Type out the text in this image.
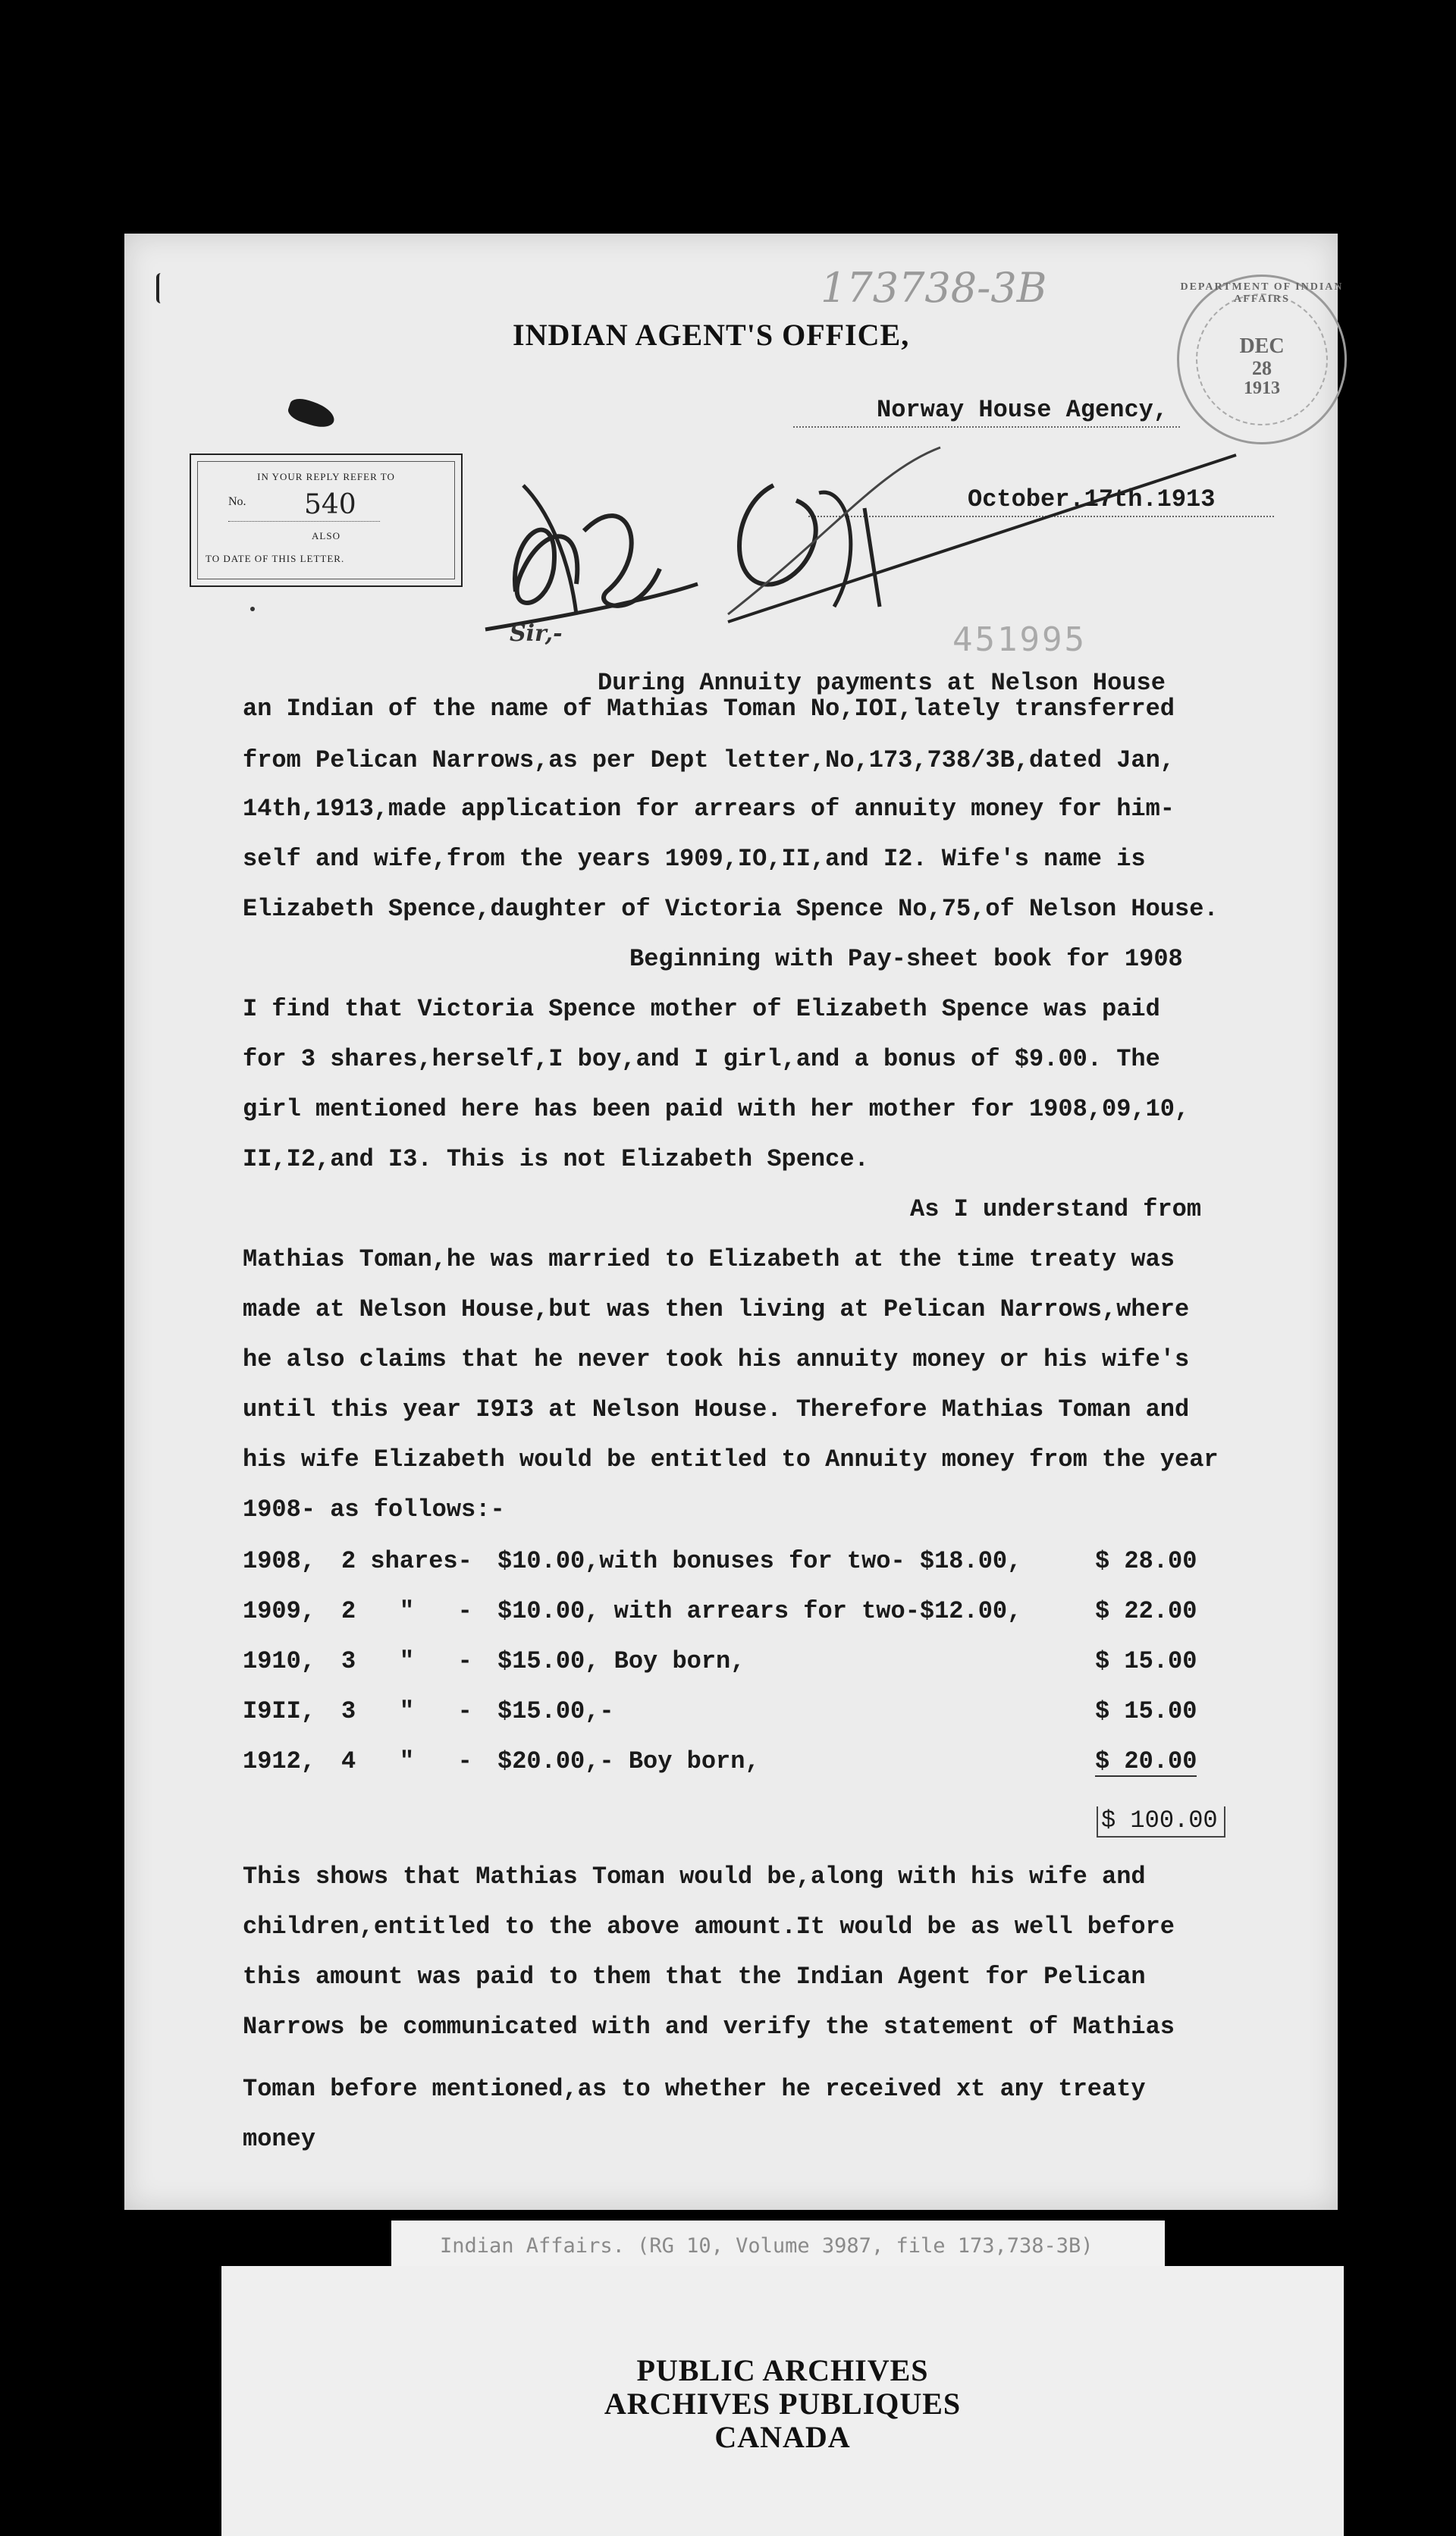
173738-3B
INDIAN AGENT'S OFFICE,
DEPARTMENT OF INDIAN AFFAIRS
DEC
28
1913
Norway House Agency,
October.17th.1913
IN YOUR REPLY REFER TO
No. 540
ALSO
TO DATE OF THIS LETTER.
Sir,-	451995
During Annuity payments at Nelson House
an Indian of the name of Mathias Toman No,IOI,lately transferred
from Pelican Narrows,as per Dept letter,No,173,738/3B,dated Jan,
14th,1913,made application for arrears of annuity money for him-
self and wife,from the years 1909,IO,II,and I2. Wife's name is
Elizabeth Spence,daughter of Victoria Spence No,75,of Nelson House.
Beginning with Pay-sheet book for 1908
I find that Victoria Spence mother of Elizabeth Spence was paid
for 3 shares,herself,I boy,and I girl,and a bonus of $9.00. The
girl mentioned here has been paid with her mother for 1908,09,10,
II,I2,and I3. This is not Elizabeth Spence.
As I understand from
Mathias Toman,he was married to Elizabeth at the time treaty was
made at Nelson House,but was then living at Pelican Narrows,where
he also claims that he never took his annuity money or his wife's
until this year I9I3 at Nelson House. Therefore Mathias Toman and
his wife Elizabeth would be entitled to Annuity money from the year
1908- as follows:-
1908, 2 shares- $10.00,with bonuses for two- $18.00,	$ 28.00
1909, 2   "   - $10.00, with arrears for two-$12.00,	$ 22.00
1910, 3   "   - $15.00, Boy born,	$ 15.00
I9II, 3   "   - $15.00,-	$ 15.00
1912, 4   "   - $20.00,- Boy born,	$ 20.00
$ 100.00
This shows that Mathias Toman would be,along with his wife and
children,entitled to the above amount.It would be as well before
this amount was paid to them that the Indian Agent for Pelican
Narrows be communicated with and verify the statement of Mathias
Toman before mentioned,as to whether he received xt any treaty
money
Indian Affairs. (RG 10, Volume 3987, file 173,738-3B)
PUBLIC ARCHIVES
ARCHIVES PUBLIQUES
CANADA
